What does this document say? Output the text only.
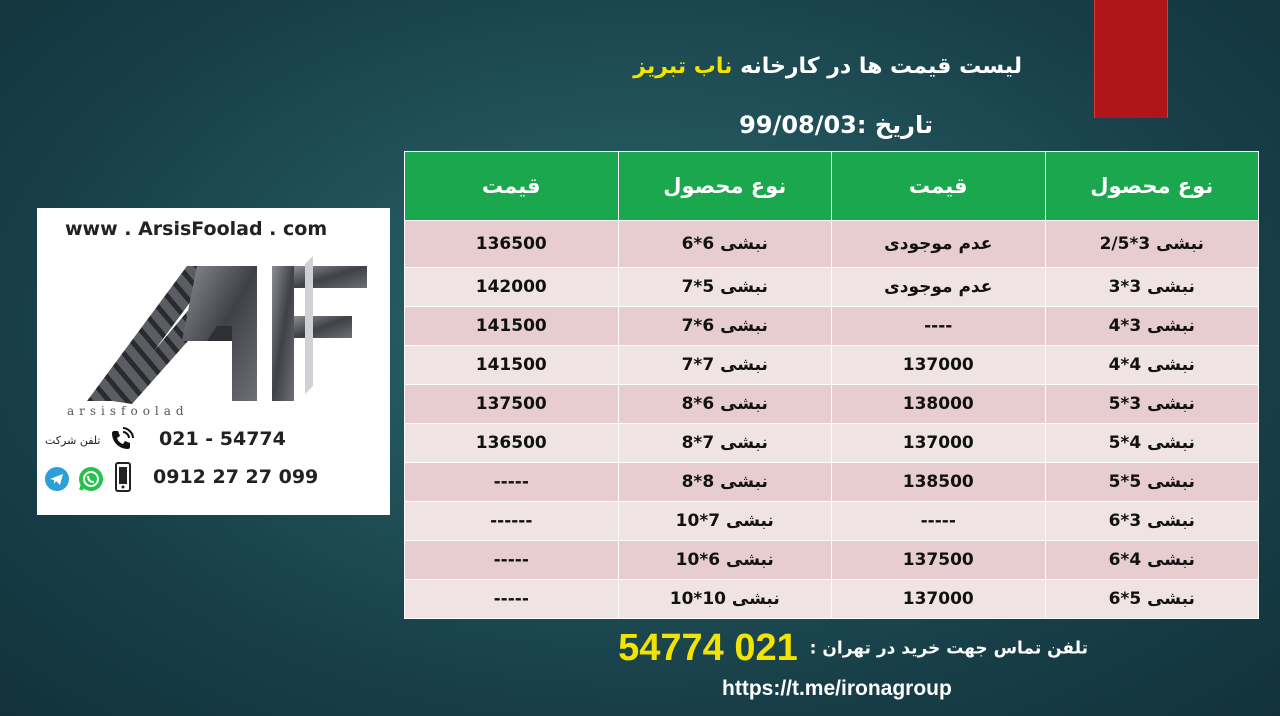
لیست قیمت ها در کارخانه ناب تبریز
تاریخ :99/08/03
نوع محصول	قیمت	نوع محصول	قیمت
نبشی 3*2/5	عدم موجودی	نبشی 6*6	136500
نبشی 3*3	عدم موجودی	نبشی 5*7	142000
نبشی 3*4	----	نبشی 6*7	141500
نبشی 4*4	137000	نبشی 7*7	141500
نبشی 3*5	138000	نبشی 6*8	137500
نبشی 4*5	137000	نبشی 7*8	136500
نبشی 5*5	138500	نبشی 8*8	-----
نبشی 3*6	-----	نبشی 7*10	------
نبشی 4*6	137500	نبشی 6*10	-----
نبشی 5*6	137000	نبشی 10*10	-----
www . ArsisFoolad . com
arsisfoolad
تلفن شرکت	021 - 54774
0912 27 27 099
تلفن تماس جهت خرید در تهران : 021 54774
https://t.me/ironagroup
